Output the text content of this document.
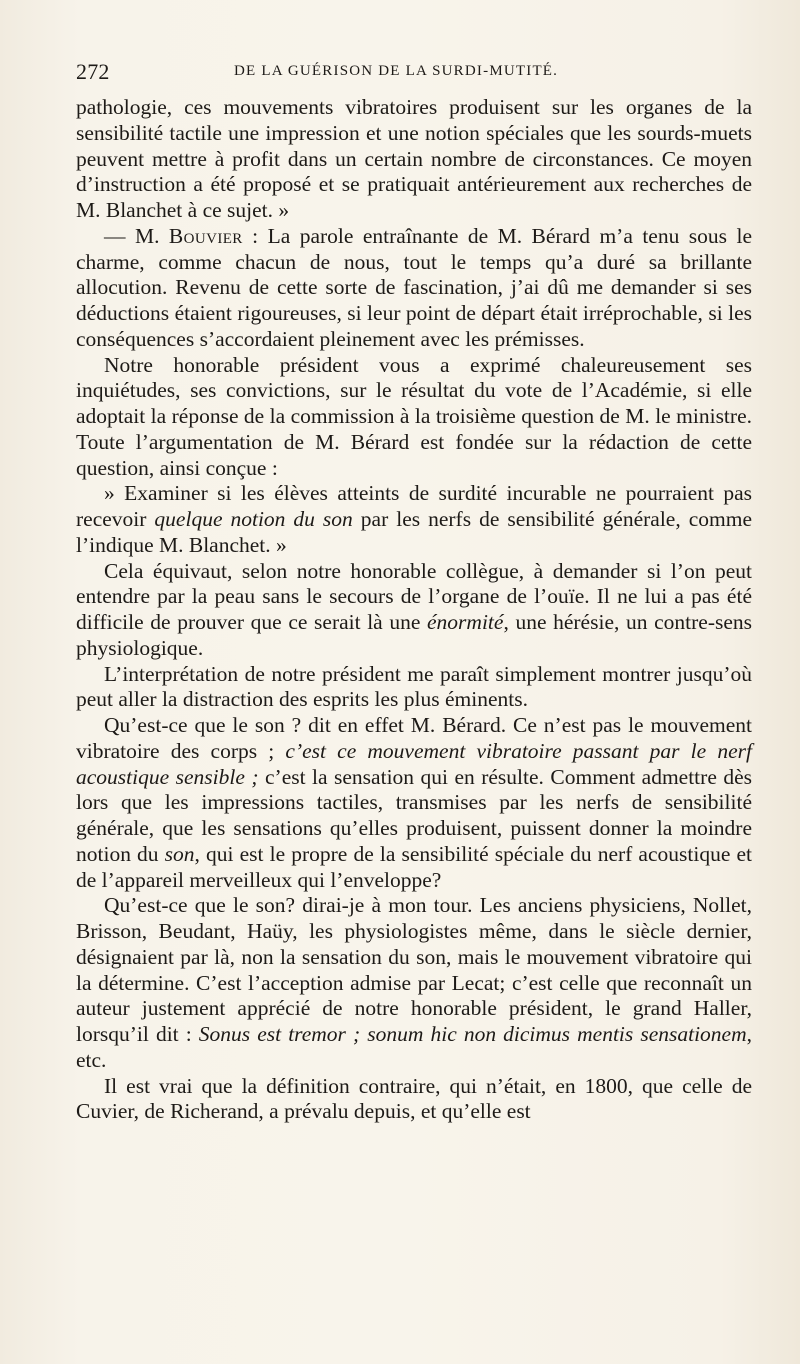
272	DE LA GUÉRISON DE LA SURDI-MUTITÉ.

pathologie, ces mouvements vibratoires produisent sur les organes de la sensibilité tactile une impression et une notion spéciales que les sourds-muets peuvent mettre à profit dans un certain nombre de circonstances. Ce moyen d’instruction a été proposé et se pratiquait antérieurement aux recherches de M. Blanchet à ce sujet. »

— M. Bouvier : La parole entraînante de M. Bérard m’a tenu sous le charme, comme chacun de nous, tout le temps qu’a duré sa brillante allocution. Revenu de cette sorte de fascination, j’ai dû me demander si ses déductions étaient rigoureuses, si leur point de départ était irréprochable, si les conséquences s’accordaient pleinement avec les prémisses.

Notre honorable président vous a exprimé chaleureusement ses inquiétudes, ses convictions, sur le résultat du vote de l’Académie, si elle adoptait la réponse de la commission à la troisième question de M. le ministre. Toute l’argumentation de M. Bérard est fondée sur la rédaction de cette question, ainsi conçue :

» Examiner si les élèves atteints de surdité incurable ne pourraient pas recevoir quelque notion du son par les nerfs de sensibilité générale, comme l’indique M. Blanchet. »

Cela équivaut, selon notre honorable collègue, à demander si l’on peut entendre par la peau sans le secours de l’organe de l’ouïe. Il ne lui a pas été difficile de prouver que ce serait là une énormité, une hérésie, un contre-sens physiologique.

L’interprétation de notre président me paraît simplement montrer jusqu’où peut aller la distraction des esprits les plus éminents.

Qu’est-ce que le son ? dit en effet M. Bérard. Ce n’est pas le mouvement vibratoire des corps ; c’est ce mouvement vibratoire passant par le nerf acoustique sensible ; c’est la sensation qui en résulte. Comment admettre dès lors que les impressions tactiles, transmises par les nerfs de sensibilité générale, que les sensations qu’elles produisent, puissent donner la moindre notion du son, qui est le propre de la sensibilité spéciale du nerf acoustique et de l’appareil merveilleux qui l’enveloppe?

Qu’est-ce que le son? dirai-je à mon tour. Les anciens physiciens, Nollet, Brisson, Beudant, Haüy, les physiologistes même, dans le siècle dernier, désignaient par là, non la sensation du son, mais le mouvement vibratoire qui la détermine. C’est l’acception admise par Lecat; c’est celle que reconnaît un auteur justement apprécié de notre honorable président, le grand Haller, lorsqu’il dit : Sonus est tremor ; sonum hic non dicimus mentis sensationem, etc.

Il est vrai que la définition contraire, qui n’était, en 1800, que celle de Cuvier, de Richerand, a prévalu depuis, et qu’elle est
